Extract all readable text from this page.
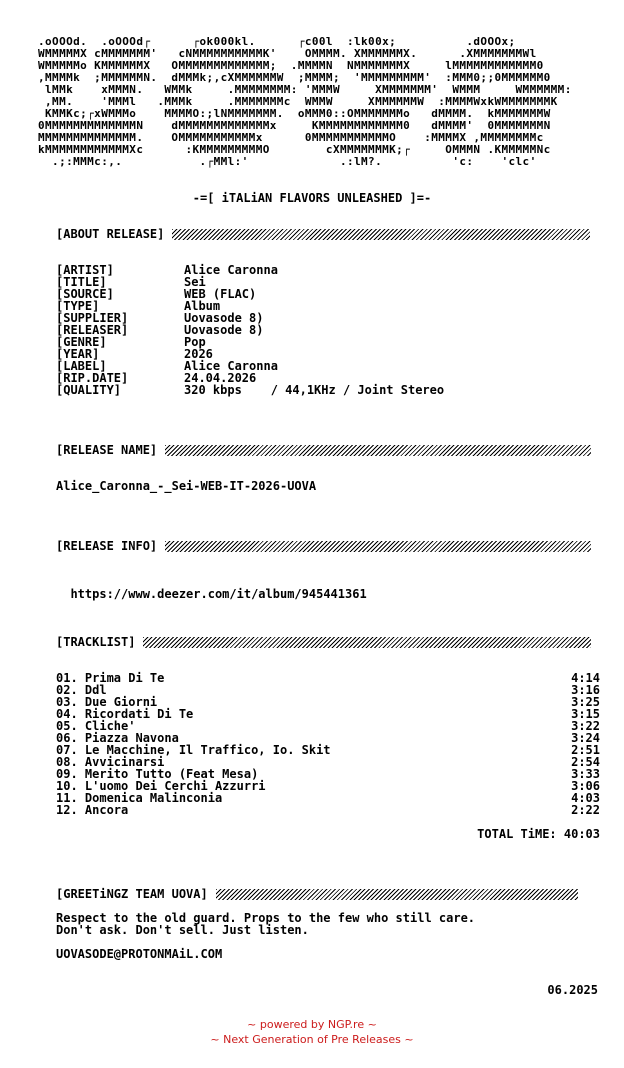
.oOOOd.  .oOOOd┌      ┌ok000kl.      ┌c00l  :lk00x;          .dOOOx;
WMMMMMX cMMMMMMM'   cNMMMMMMMMMMK'    OMMMM. XMMMMMMX.      .XMMMMMMMWl
WMMMMMo KMMMMMMX   OMMMMMMMMMMMMM;  .MMMMN  NMMMMMMMX     lMMMMMMMMMMMM0
,MMMMk  ;MMMMMMN.  dMMMk;,cXMMMMMMW  ;MMMM;  'MMMMMMMMM'  :MMM0;;0MMMMMM0
lMMk    xMMMN.   WMMk     .MMMMMMMM: 'MMMW     XMMMMMMM'  WMMM     WMMMMMM:
,MM.    'MMMl   .MMMk     .MMMMMMMc  WMMW     XMMMMMMW  :MMMMWxkWMMMMMMMK
KMMKc;┌xWMMMo    MMMMO:;lNMMMMMMM.  oMMM0::OMMMMMMMo   dMMMM.  kMMMMMMMW
0MMMMMMMMMMMMMN    dMMMMMMMMMMMMMx     KMMMMMMMMMMMM0   dMMMM'  0MMMMMMMN
MMMMMMMMMMMMMM.    OMMMMMMMMMMMx      0MMMMMMMMMMMO    :MMMMX ,MMMMMMMMc
kMMMMMMMMMMMMXc      :KMMMMMMMMMO        cXMMMMMMMK;┌     OMMMN .KMMMMMNc
.;:MMMc:,.           .┌MMl:'             .:lM?.          'c:    'clc'
-=[ iTALiAN FLAVORS UNLEASHED ]=-
[ABOUT RELEASE]
[ARTIST]	Alice Caronna
[TITLE]	Sei
[SOURCE]	WEB (FLAC)
[TYPE]	Album
[SUPPLIER]	Uovasode 8)
[RELEASER]	Uovasode 8)
[GENRE]	Pop
[YEAR]	2026
[LABEL]	Alice Caronna
[RIP.DATE]	24.04.2026
[QUALITY]	320 kbps    / 44,1KHz / Joint Stereo
[RELEASE NAME]
Alice_Caronna_-_Sei-WEB-IT-2026-UOVA
[RELEASE INFO]

https://www.deezer.com/it/album/945441361

[TRACKLIST]
01. Prima Di Te	4:14
02. Ddl	3:16
03. Due Giorni	3:25
04. Ricordati Di Te	3:15
05. Cliche'	3:22
06. Piazza Navona	3:24
07. Le Macchine, Il Traffico, Io. Skit	2:51
08. Avvicinarsi	2:54
09. Merito Tutto (Feat Mesa)	3:33
10. L'uomo Dei Cerchi Azzurri	3:06
11. Domenica Malinconia	4:03
12. Ancora	2:22
TOTAL TiME: 40:03
[GREETiNGZ TEAM UOVA]
Respect to the old guard. Props to the few who still care.
Don't ask. Don't sell. Just listen.
UOVASODE@PROTONMAiL.COM
06.2025
~ powered by NGP.re ~
~ Next Generation of Pre Releases ~
